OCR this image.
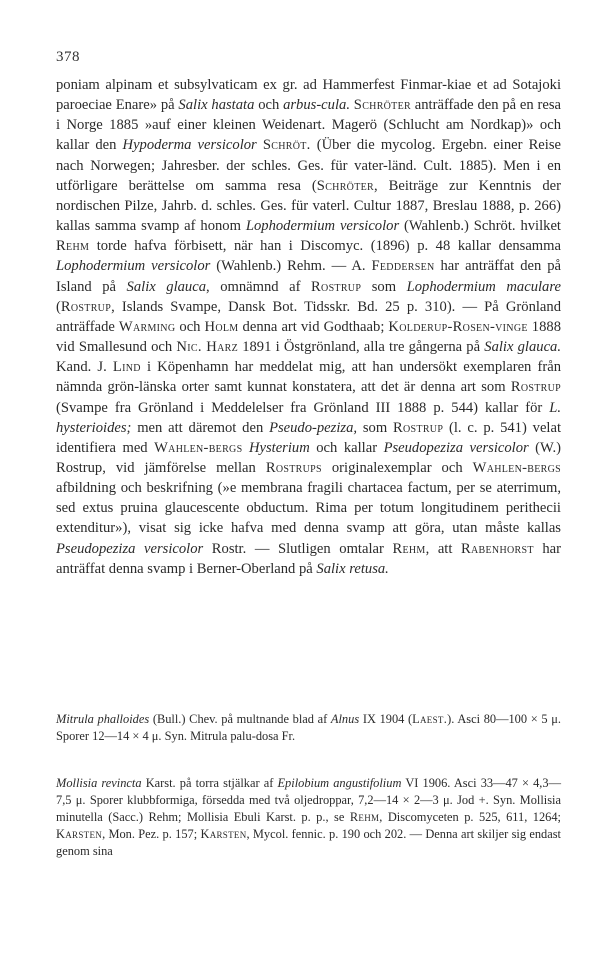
378

poniam alpinam et subsylvaticam ex gr. ad Hammerfest Finmar-kiae et ad Sotajoki paroeciae Enare» på Salix hastata och arbus-cula. Schröter anträffade den på en resa i Norge 1885 »auf einer kleinen Weidenart. Magerö (Schlucht am Nordkap)» och kallar den Hypoderma versicolor Schröt. (Über die mycolog. Ergebn. einer Reise nach Norwegen; Jahresber. der schles. Ges. für vater-länd. Cult. 1885). Men i en utförligare berättelse om samma resa (Schröter, Beiträge zur Kenntnis der nordischen Pilze, Jahrb. d. schles. Ges. für vaterl. Cultur 1887, Breslau 1888, p. 266) kallas samma svamp af honom Lophodermium versicolor (Wahlenb.) Schröt. hvilket Rehm torde hafva förbisett, när han i Discomyc. (1896) p. 48 kallar densamma Lophodermium versicolor (Wahlenb.) Rehm. — A. Feddersen har anträffat den på Island på Salix glauca, omnämnd af Rostrup som Lophodermium maculare (Rostrup, Islands Svampe, Dansk Bot. Tidsskr. Bd. 25 p. 310). — På Grönland anträffade Warming och Holm denna art vid Godthaab; Kolderup-Rosen-vinge 1888 vid Smallesund och Nic. Harz 1891 i Östgrönland, alla tre gångerna på Salix glauca. Kand. J. Lind i Köpenhamn har meddelat mig, att han undersökt exemplaren från nämnda grön-länska orter samt kunnat konstatera, att det är denna art som Rostrup (Svampe fra Grönland i Meddelelser fra Grönland III 1888 p. 544) kallar för L. hysterioides; men att däremot den Pseudo-peziza, som Rostrup (l. c. p. 541) velat identifiera med Wahlen-bergs Hysterium och kallar Pseudopeziza versicolor (W.) Rostrup, vid jämförelse mellan Rostrups originalexemplar och Wahlen-bergs afbildning och beskrifning (»e membrana fragili chartacea factum, per se aterrimum, sed extus pruina glaucescente obductum. Rima per totum longitudinem perithecii extenditur»), visat sig icke hafva med denna svamp att göra, utan måste kallas Pseudopeziza versicolor Rostr. — Slutligen omtalar Rehm, att Rabenhorst har anträffat denna svamp i Berner-Oberland på Salix retusa.

Mitrula phalloides (Bull.) Chev. på multnande blad af Alnus IX 1904 (Laest.). Asci 80—100 × 5 μ. Sporer 12—14 × 4 μ. Syn. Mitrula palu-dosa Fr.
Mollisia revincta Karst. på torra stjälkar af Epilobium angustifolium VI 1906. Asci 33—47 × 4,3—7,5 μ. Sporer klubbformiga, försedda med två oljedroppar, 7,2—14 × 2—3 μ. Jod +. Syn. Mollisia minutella (Sacc.) Rehm; Mollisia Ebuli Karst. p. p., se Rehm, Discomyceten p. 525, 611, 1264; Karsten, Mon. Pez. p. 157; Karsten, Mycol. fennic. p. 190 och 202. — Denna art skiljer sig endast genom sina
